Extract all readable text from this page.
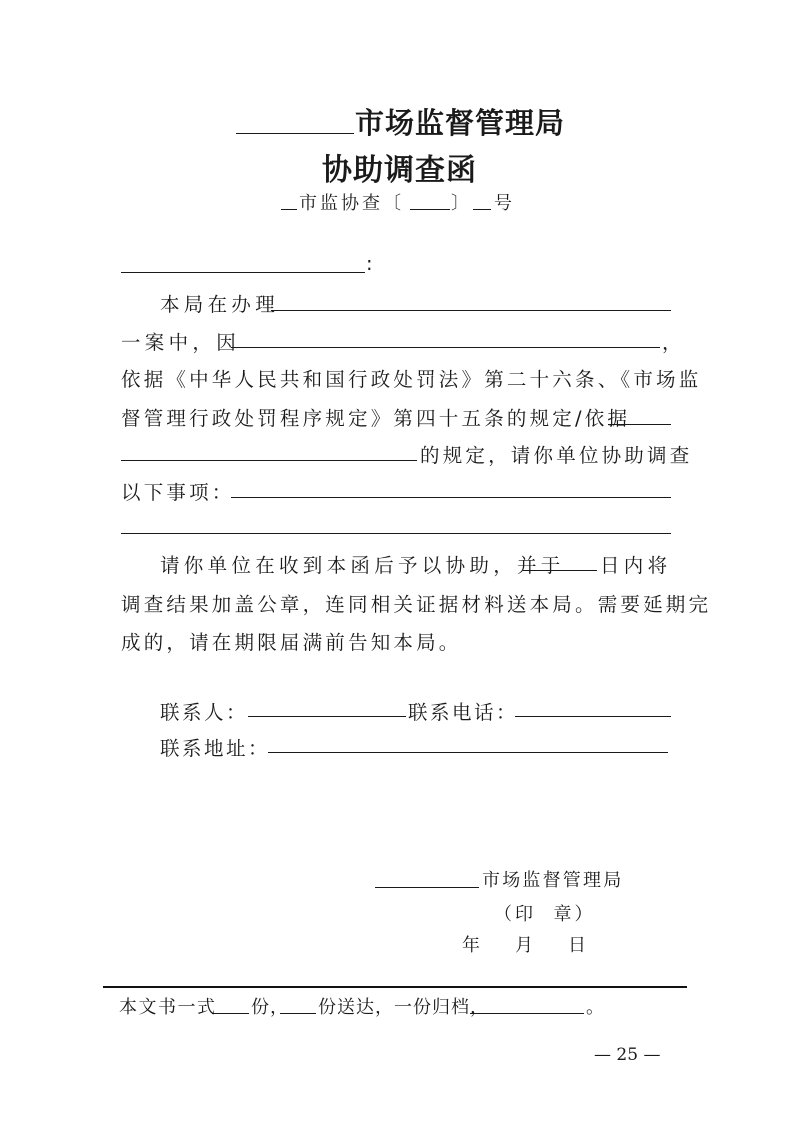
市场监督管理局
协助调查函
市监协查〔	〕 号
:
本局在办理
一案中，因	，
依据《中华人民共和国行政处罚法》第二十六条、《市场监
督管理行政处罚程序规定》第四十五条的规定/依据
的规定，请你单位协助调查
以下事项：
请你单位在收到本函后予以协助，并于 日内将
调查结果加盖公章，连同相关证据材料送本局。需要延期完
成的，请在期限届满前告知本局。
联系人：	联系电话：
联系地址：
市场监督管理局
（印  章）
年 月 日
本文书一式 份， 份送达，一份归档，	。
— 25 —
